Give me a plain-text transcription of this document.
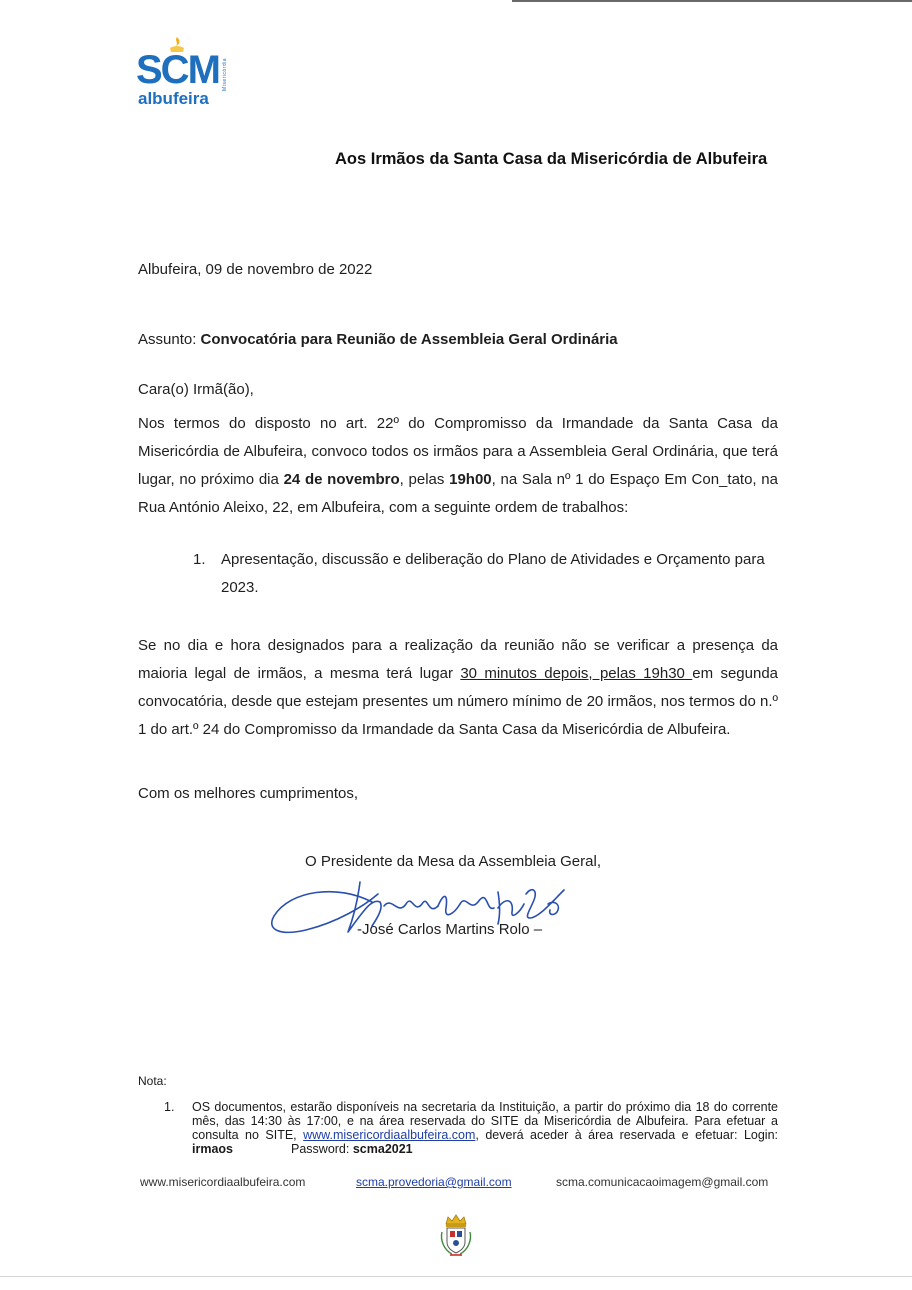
SCM Misericórdia
albufeira
Aos Irmãos da Santa Casa da Misericórdia de Albufeira
Albufeira, 09 de novembro de 2022
Assunto: Convocatória para Reunião de Assembleia Geral Ordinária
Cara(o) Irmã(ão),
Nos termos do disposto no art. 22º do Compromisso da Irmandade da Santa Casa da Misericórdia de Albufeira, convoco todos os irmãos para a Assembleia Geral Ordinária, que terá lugar, no próximo dia 24 de novembro, pelas 19h00, na Sala nº 1 do Espaço Em Con_tato, na Rua António Aleixo, 22, em Albufeira, com a seguinte ordem de trabalhos:
1. Apresentação, discussão e deliberação do Plano de Atividades e Orçamento para 2023.
Se no dia e hora designados para a realização da reunião não se verificar a presença da maioria legal de irmãos, a mesma terá lugar 30 minutos depois, pelas 19h30 em segunda convocatória, desde que estejam presentes um número mínimo de 20 irmãos, nos termos do n.º 1 do art.º 24 do Compromisso da Irmandade da Santa Casa da Misericórdia de Albufeira.
Com os melhores cumprimentos,
O Presidente da Mesa da Assembleia Geral,
-José Carlos Martins Rolo –
Nota:
1. OS documentos, estarão disponíveis na secretaria da Instituição, a partir do próximo dia 18 do corrente mês, das 14:30 às 17:00, e na área reservada do SITE da Misericórdia de Albufeira. Para efetuar a consulta no SITE, www.misericordiaalbufeira.com, deverá aceder à área reservada e efetuar: Login: irmaos	Password: scma2021
www.misericordiaalbufeira.com	scma.provedoria@gmail.com	scma.comunicacaoimagem@gmail.com
